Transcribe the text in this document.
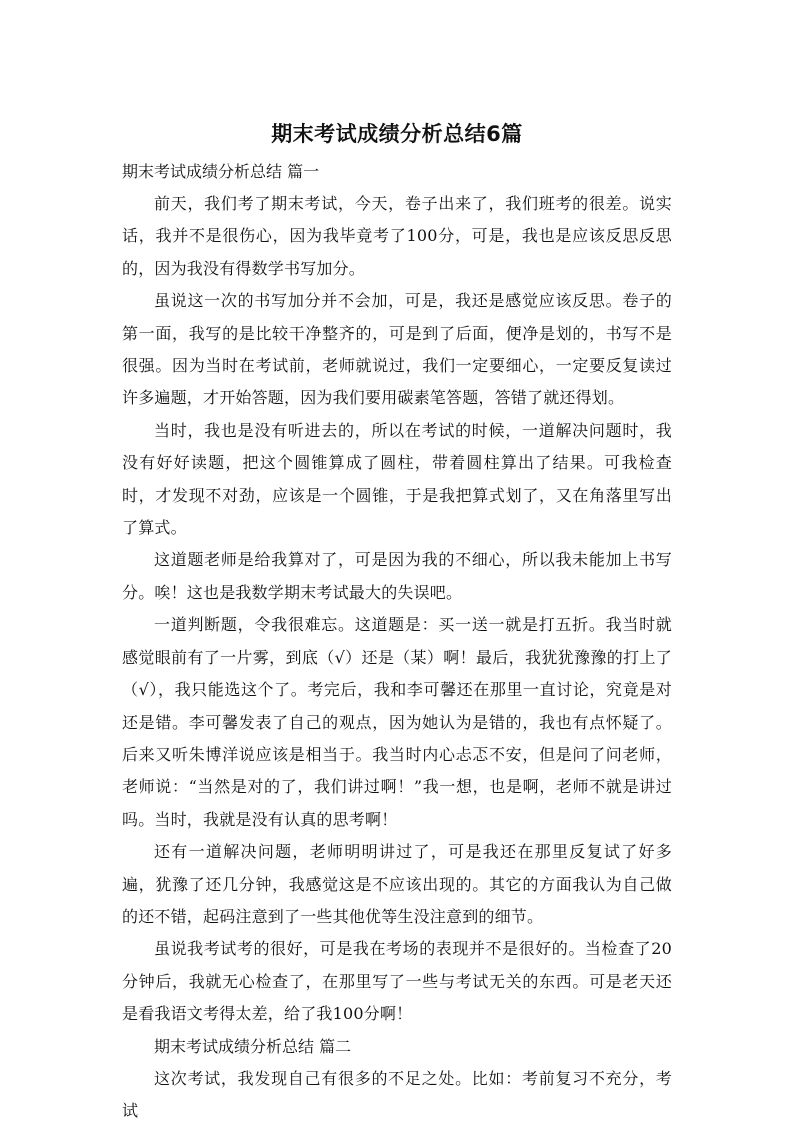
期末考试成绩分析总结6篇

期末考试成绩分析总结 篇一

前天，我们考了期末考试，今天，卷子出来了，我们班考的很差。说实话，我并不是很伤心，因为我毕竟考了100分，可是，我也是应该反思反思的，因为我没有得数学书写加分。

虽说这一次的书写加分并不会加，可是，我还是感觉应该反思。卷子的第一面，我写的是比较干净整齐的，可是到了后面，便净是划的，书写不是很强。因为当时在考试前，老师就说过，我们一定要细心，一定要反复读过许多遍题，才开始答题，因为我们要用碳素笔答题，答错了就还得划。

当时，我也是没有听进去的，所以在考试的时候，一道解决问题时，我没有好好读题，把这个圆锥算成了圆柱，带着圆柱算出了结果。可我检查时，才发现不对劲，应该是一个圆锥，于是我把算式划了，又在角落里写出了算式。

这道题老师是给我算对了，可是因为我的不细心，所以我未能加上书写分。唉！这也是我数学期末考试最大的失误吧。

一道判断题，令我很难忘。这道题是：买一送一就是打五折。我当时就感觉眼前有了一片雾，到底（√）还是（某）啊！最后，我犹犹豫豫的打上了（√），我只能选这个了。考完后，我和李可馨还在那里一直讨论，究竟是对还是错。李可馨发表了自己的观点，因为她认为是错的，我也有点怀疑了。后来又听朱博洋说应该是相当于。我当时内心忐忑不安，但是问了问老师，老师说：“当然是对的了，我们讲过啊！”我一想，也是啊，老师不就是讲过吗。当时，我就是没有认真的思考啊！

还有一道解决问题，老师明明讲过了，可是我还在那里反复试了好多遍，犹豫了还几分钟，我感觉这是不应该出现的。其它的方面我认为自己做的还不错，起码注意到了一些其他优等生没注意到的细节。

虽说我考试考的很好，可是我在考场的表现并不是很好的。当检查了20分钟后，我就无心检查了，在那里写了一些与考试无关的东西。可是老天还是看我语文考得太差，给了我100分啊！

期末考试成绩分析总结 篇二

这次考试，我发现自己有很多的不足之处。比如：考前复习不充分，考试
